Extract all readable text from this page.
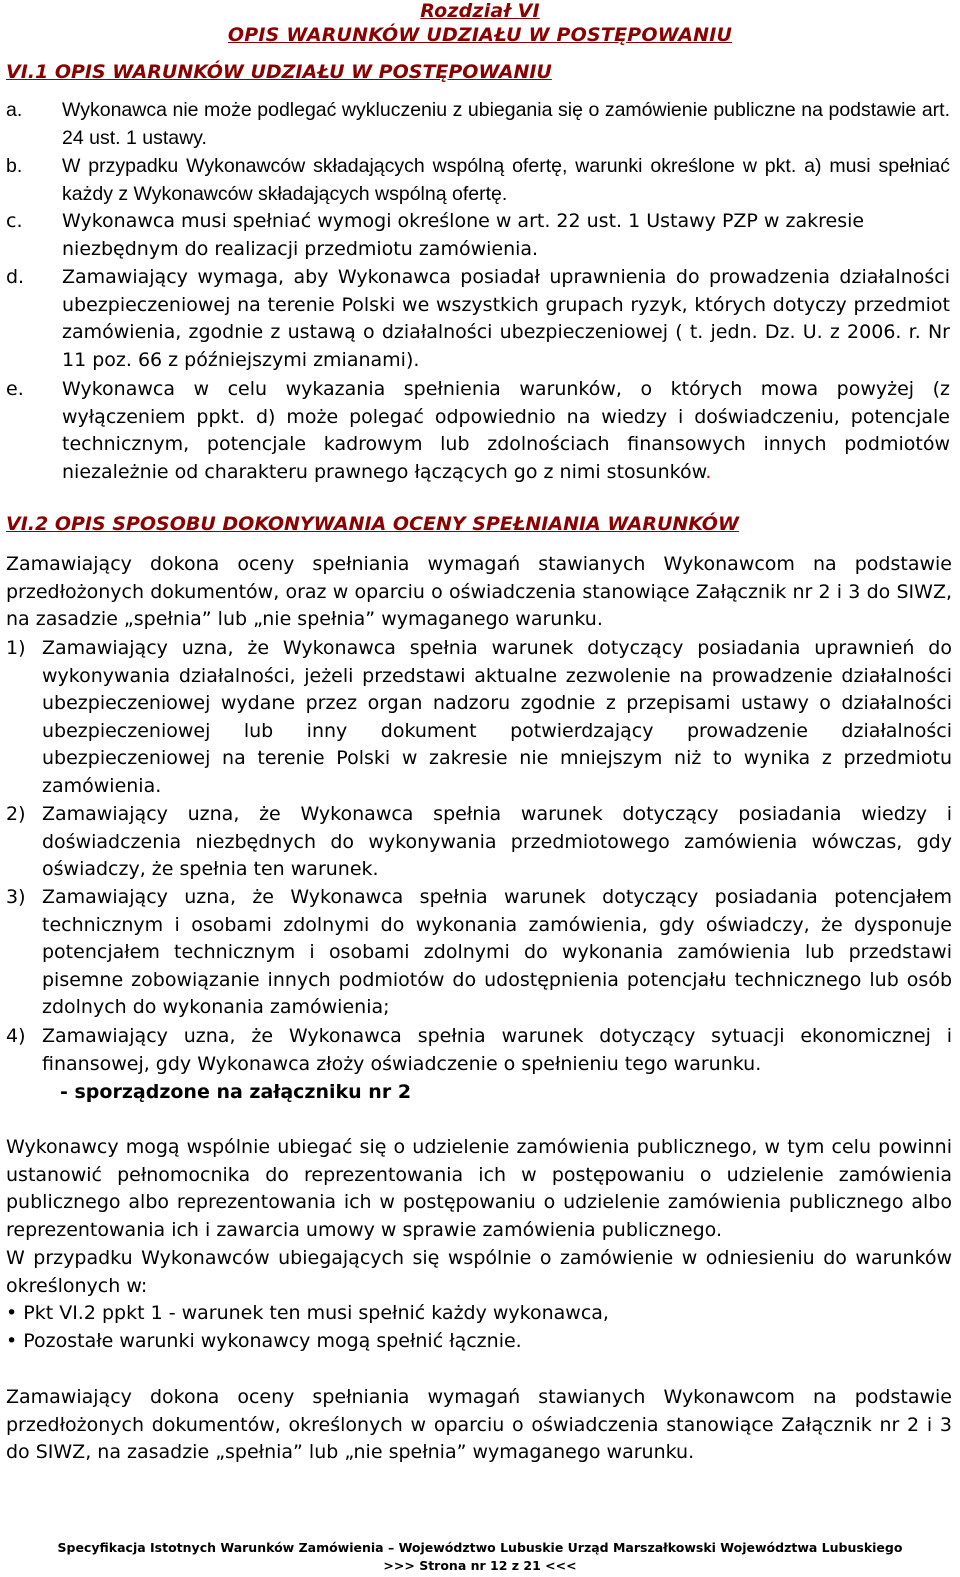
Rozdział VI
OPIS WARUNKÓW UDZIAŁU W POSTĘPOWANIU
VI.1 OPIS WARUNKÓW UDZIAŁU W POSTĘPOWANIU
a. Wykonawca nie może podlegać wykluczeniu z ubiegania się o zamówienie publiczne na podstawie art. 24 ust. 1 ustawy.
b. W przypadku Wykonawców składających wspólną ofertę, warunki określone w pkt. a) musi spełniać każdy z Wykonawców składających wspólną ofertę.
c. Wykonawca musi spełniać wymogi określone w art. 22 ust. 1 Ustawy PZP w zakresie niezbędnym do realizacji przedmiotu zamówienia.
d. Zamawiający wymaga, aby Wykonawca posiadał uprawnienia do prowadzenia działalności ubezpieczeniowej na terenie Polski we wszystkich grupach ryzyk, których dotyczy przedmiot zamówienia, zgodnie z ustawą o działalności ubezpieczeniowej ( t. jedn. Dz. U. z 2006. r. Nr 11 poz. 66 z późniejszymi zmianami).
e. Wykonawca w celu wykazania spełnienia warunków, o których mowa powyżej (z wyłączeniem ppkt. d) może polegać odpowiednio na wiedzy i doświadczeniu, potencjale technicznym, potencjale kadrowym lub zdolnościach finansowych innych podmiotów niezależnie od charakteru prawnego łączących go z nimi stosunków.
VI.2 OPIS SPOSOBU DOKONYWANIA OCENY SPEŁNIANIA WARUNKÓW
Zamawiający dokona oceny spełniania wymagań stawianych Wykonawcom na podstawie przedłożonych dokumentów, oraz w oparciu o oświadczenia stanowiące Załącznik nr 2 i 3 do SIWZ, na zasadzie „spełnia” lub „nie spełnia” wymaganego warunku.
1) Zamawiający uzna, że Wykonawca spełnia warunek dotyczący posiadania uprawnień do wykonywania działalności, jeżeli przedstawi aktualne zezwolenie na prowadzenie działalności ubezpieczeniowej wydane przez organ nadzoru zgodnie z przepisami ustawy o działalności ubezpieczeniowej lub inny dokument potwierdzający prowadzenie działalności ubezpieczeniowej na terenie Polski w zakresie nie mniejszym niż to wynika z przedmiotu zamówienia.
2) Zamawiający uzna, że Wykonawca spełnia warunek dotyczący posiadania wiedzy i doświadczenia niezbędnych do wykonywania przedmiotowego zamówienia wówczas, gdy oświadczy, że spełnia ten warunek.
3) Zamawiający uzna, że Wykonawca spełnia warunek dotyczący posiadania potencjałem technicznym i osobami zdolnymi do wykonania zamówienia, gdy oświadczy, że dysponuje potencjałem technicznym i osobami zdolnymi do wykonania zamówienia lub przedstawi pisemne zobowiązanie innych podmiotów do udostępnienia potencjału technicznego lub osób zdolnych do wykonania zamówienia;
4) Zamawiający uzna, że Wykonawca spełnia warunek dotyczący sytuacji ekonomicznej i finansowej, gdy Wykonawca złoży oświadczenie o spełnieniu tego warunku.
- sporządzone na załączniku nr 2
Wykonawcy mogą wspólnie ubiegać się o udzielenie zamówienia publicznego, w tym celu powinni ustanowić pełnomocnika do reprezentowania ich w postępowaniu o udzielenie zamówienia publicznego albo reprezentowania ich w postępowaniu o udzielenie zamówienia publicznego albo reprezentowania ich i zawarcia umowy w sprawie zamówienia publicznego.
W przypadku Wykonawców ubiegających się wspólnie o zamówienie w odniesieniu do warunków określonych w:
• Pkt VI.2 ppkt 1 - warunek ten musi spełnić każdy wykonawca,
• Pozostałe warunki wykonawcy mogą spełnić łącznie.
Zamawiający dokona oceny spełniania wymagań stawianych Wykonawcom na podstawie przedłożonych dokumentów, określonych w oparciu o oświadczenia stanowiące Załącznik nr 2 i 3 do SIWZ, na zasadzie „spełnia” lub „nie spełnia” wymaganego warunku.
Specyfikacja Istotnych Warunków Zamówienia – Województwo Lubuskie Urząd Marszałkowski Województwa Lubuskiego
>>> Strona nr 12 z 21 <<<
